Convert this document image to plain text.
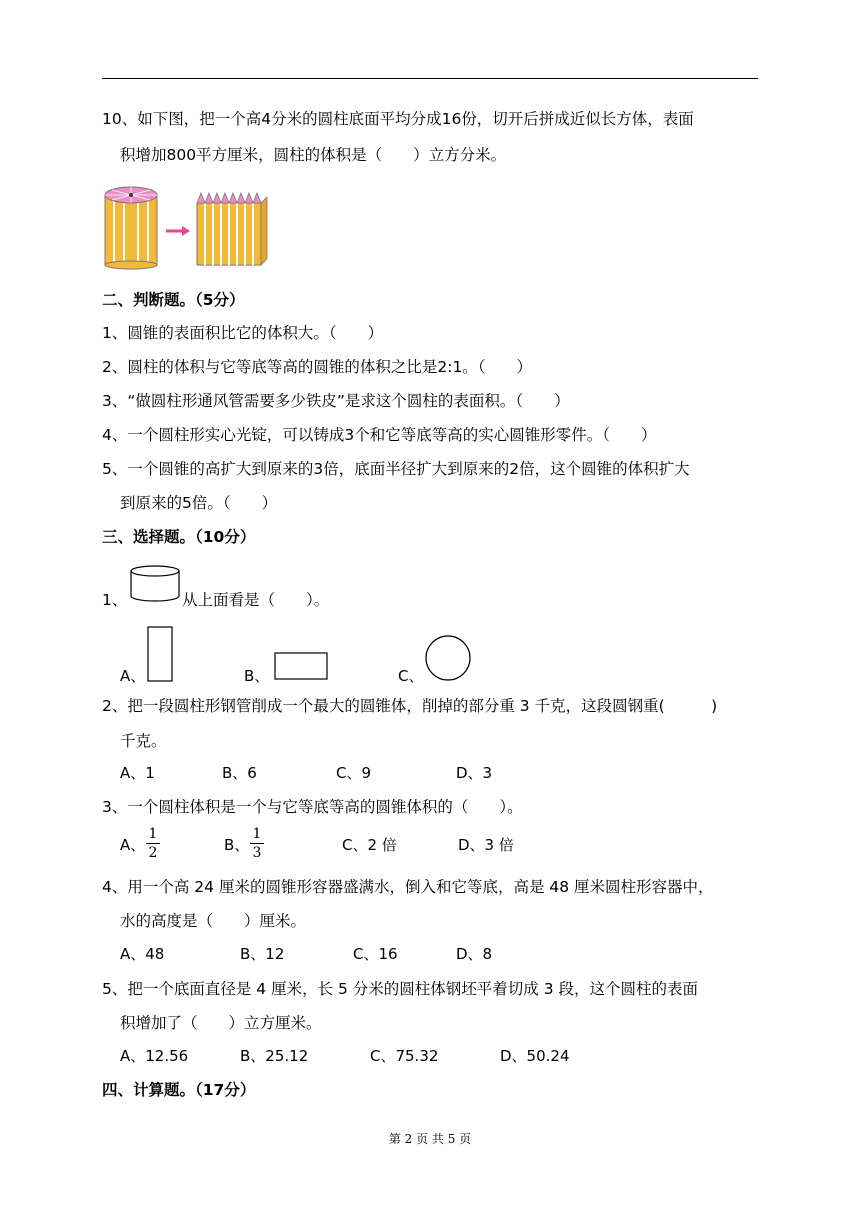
10、如下图，把一个高4分米的圆柱底面平均分成16份，切开后拼成近似长方体，表面
积增加800平方厘米，圆柱的体积是（　　）立方分米。
二、判断题。（5分）
1、圆锥的表面积比它的体积大。（　　）
2、圆柱的体积与它等底等高的圆锥的体积之比是2:1。（　　）
3、“做圆柱形通风管需要多少铁皮”是求这个圆柱的表面积。（　　）
4、一个圆柱形实心光锭，可以铸成3个和它等底等高的实心圆锥形零件。（　　）
5、一个圆锥的高扩大到原来的3倍，底面半径扩大到原来的2倍，这个圆锥的体积扩大
到原来的5倍。（　　）
三、选择题。（10分）
1、	从上面看是（　　）。
A、	B、	C、
2、把一段圆柱形钢管削成一个最大的圆锥体，削掉的部分重 3 千克，这段圆钢重(　　　)
千克。
A、1	B、6	C、9	D、3
3、一个圆柱体积是一个与它等底等高的圆锥体积的（　　）。
A、
1
2	B、
1
3	C、2 倍	D、3 倍
4、用一个高 24 厘米的圆锥形容器盛满水，倒入和它等底，高是 48 厘米圆柱形容器中，
水的高度是（　　）厘米。
A、48	B、12	C、16	D、8
5、把一个底面直径是 4 厘米，长 5 分米的圆柱体钢坯平着切成 3 段，这个圆柱的表面
积增加了（　　）立方厘米。
A、12.56	B、25.12	C、75.32	D、50.24
四、计算题。（17分）
第 2 页 共 5 页
